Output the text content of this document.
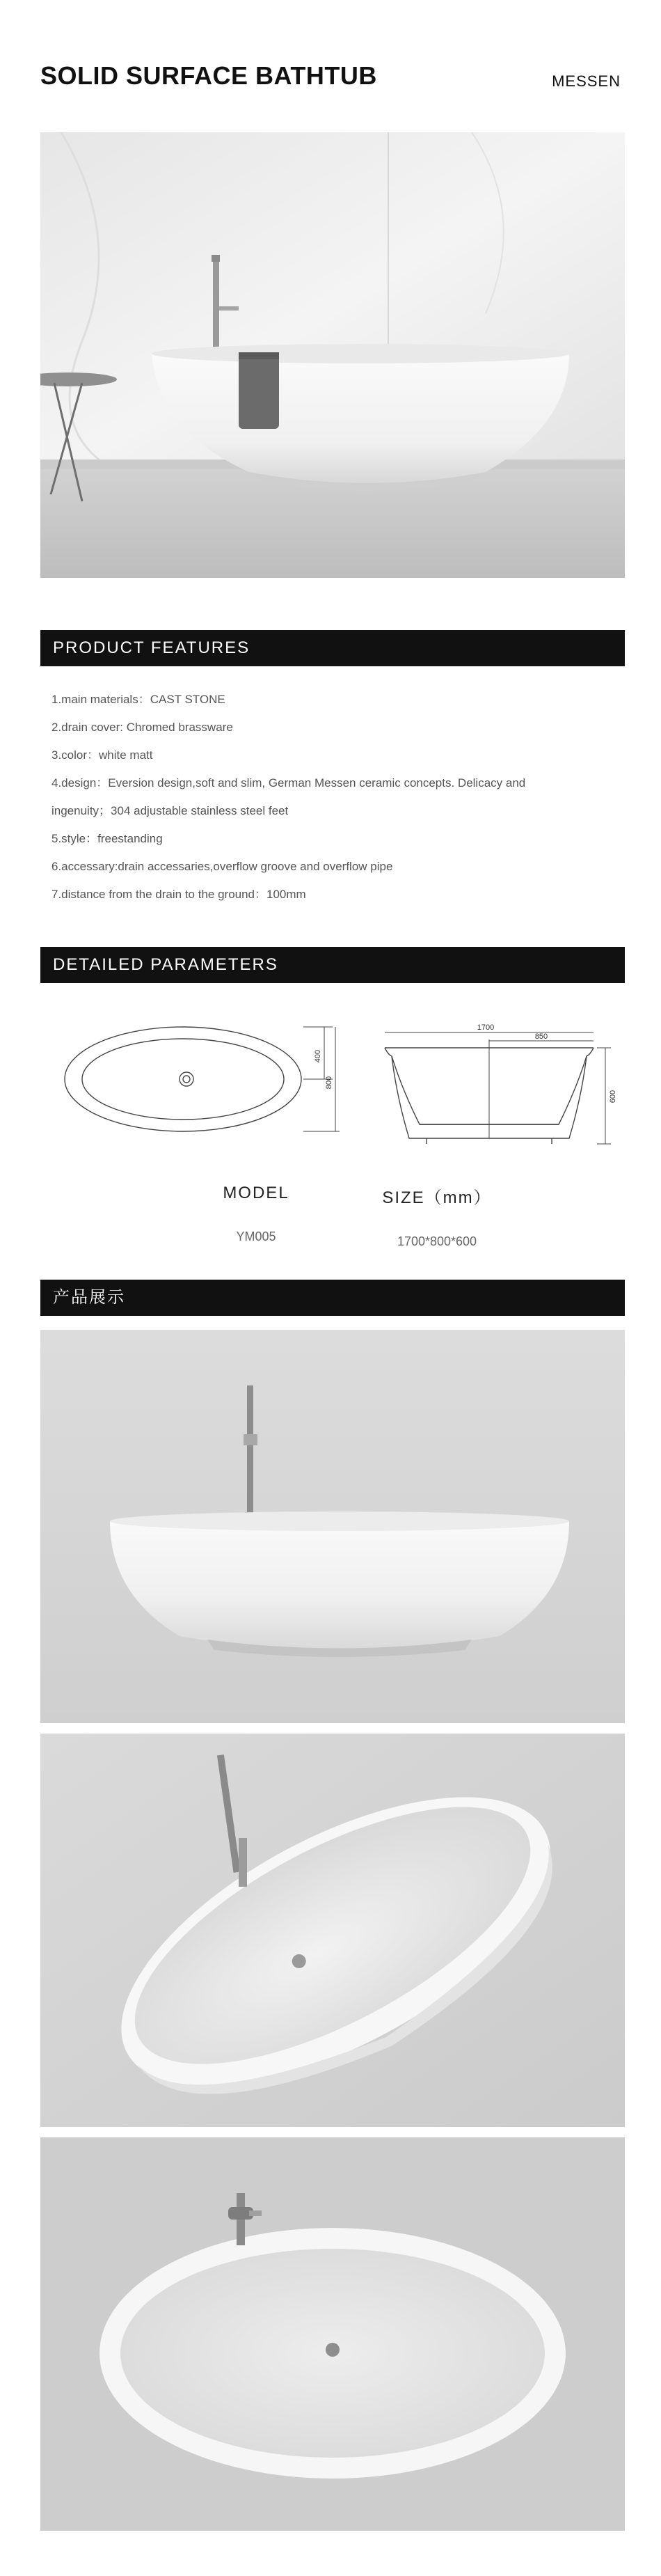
SOLID SURFACE BATHTUB	MESSEN
PRODUCT FEATURES
1.main materials：CAST STONE
2.drain cover: Chromed brassware
3.color：white matt
4.design：Eversion design,soft and slim, German Messen ceramic concepts. Delicacy and
ingenuity；304 adjustable stainless steel feet
5.style：freestanding
6.accessary:drain accessaries,overflow groove and overflow pipe
7.distance from the drain to the ground：100mm
DETAILED PARAMETERS
400
800
1700
850
600
MODEL
YM005
SIZE（mm）
1700*800*600
产品展示
